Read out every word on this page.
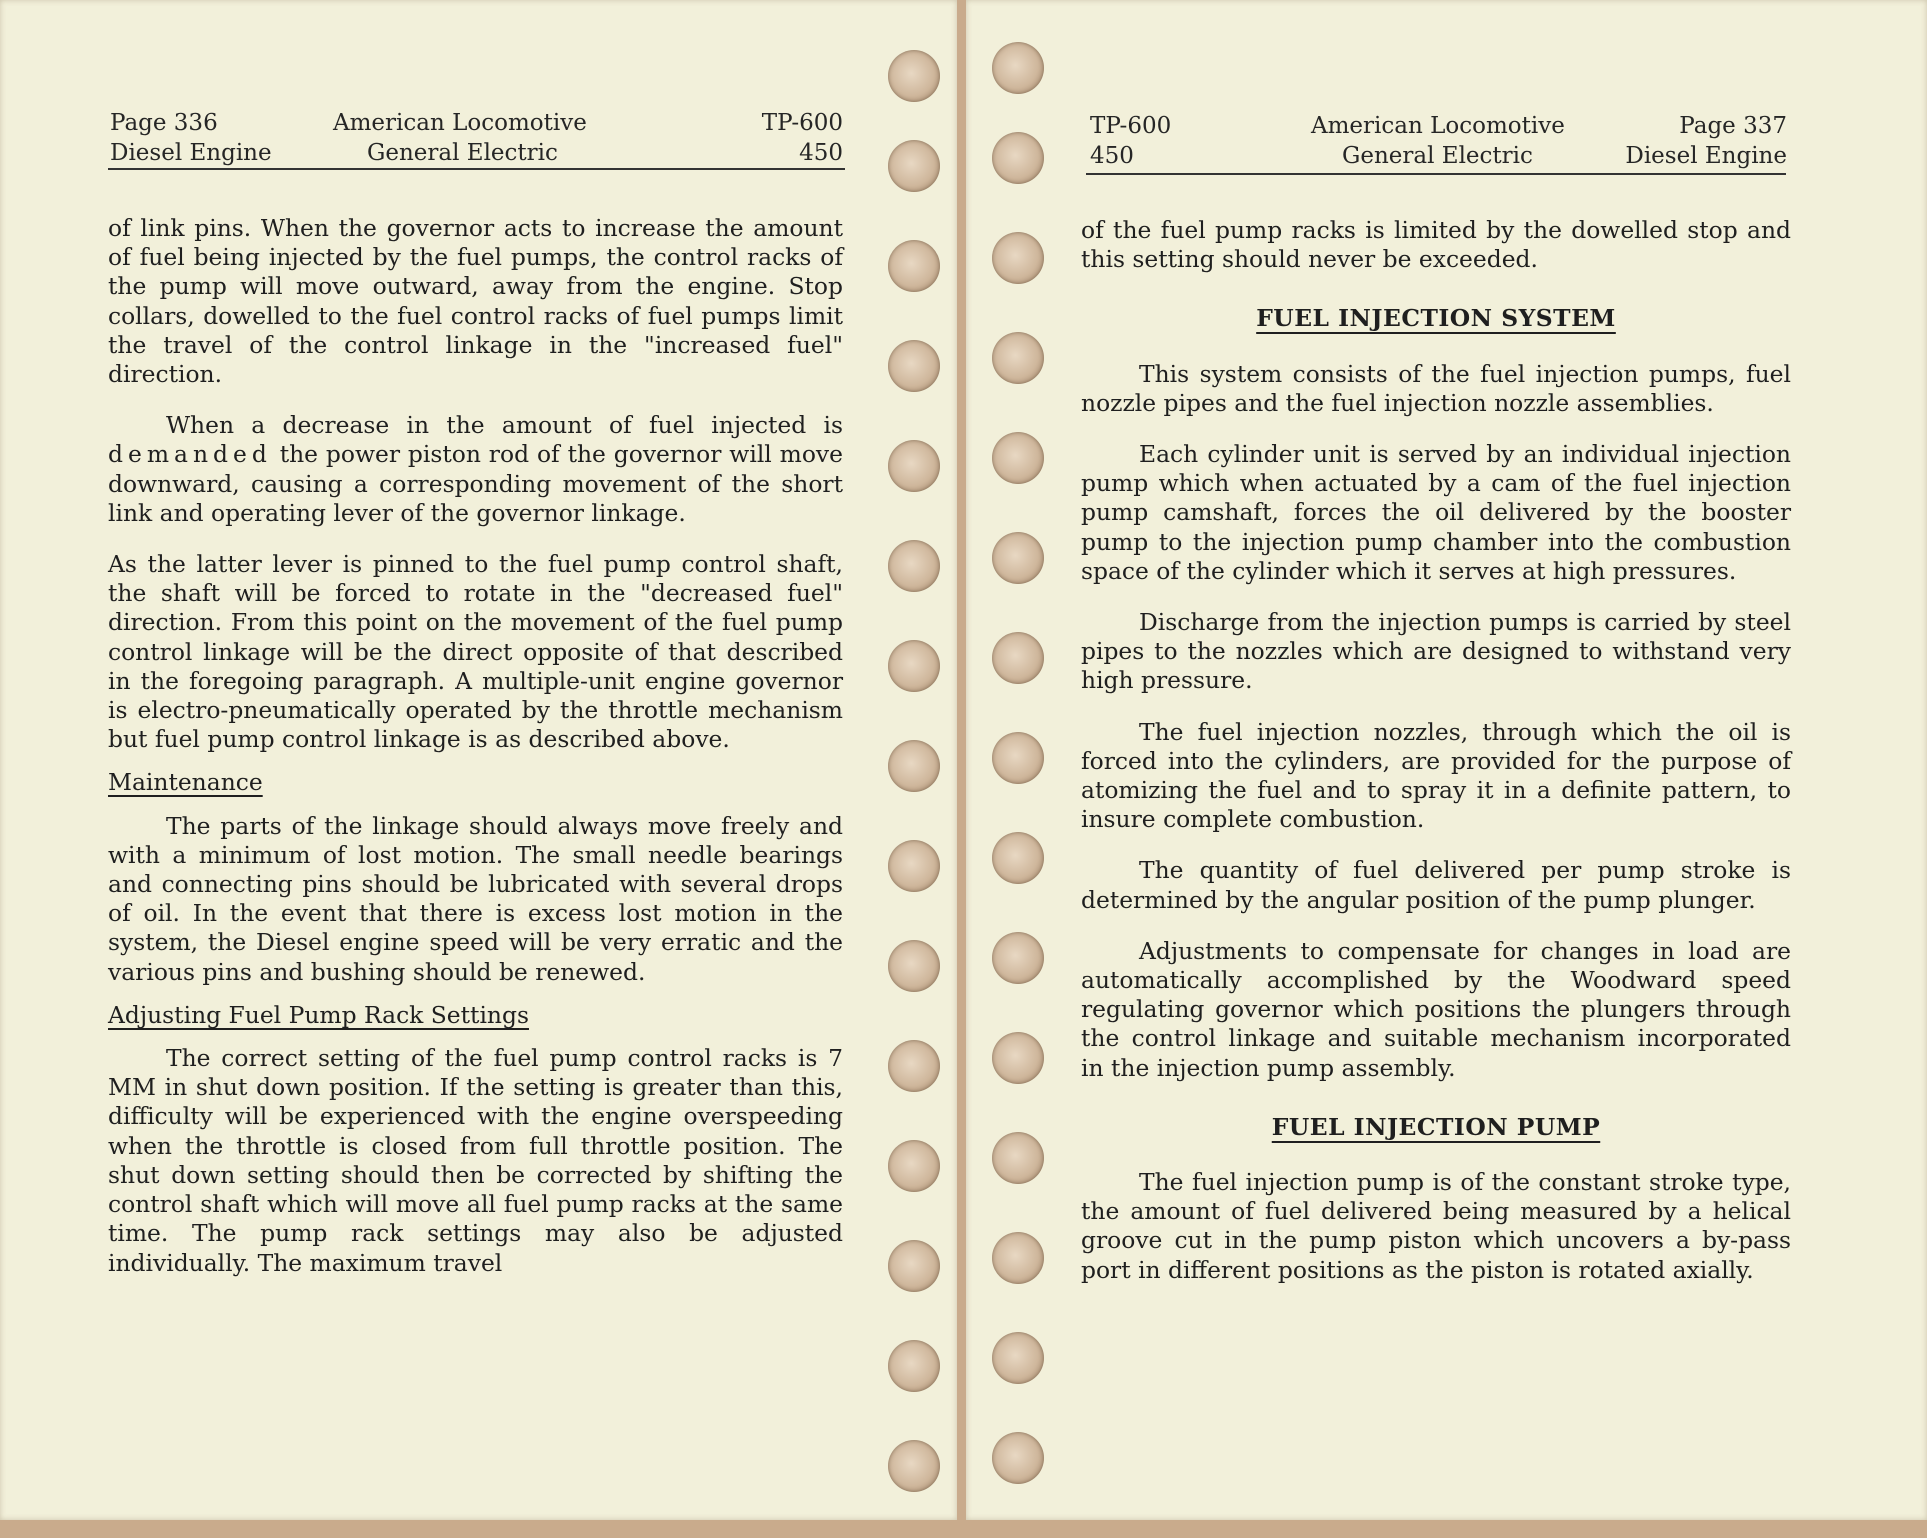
Page 336
Diesel Engine
American Locomotive
General Electric
TP-600
450

of link pins. When the governor acts to increase the amount of fuel being injected by the fuel pumps, the control racks of the pump will move outward, away from the engine. Stop collars, dowelled to the fuel control racks of fuel pumps limit the travel of the control linkage in the "increased fuel" direction.

When a decrease in the amount of fuel injected is demanded the power piston rod of the governor will move downward, causing a corresponding movement of the short link and operating lever of the governor linkage.

As the latter lever is pinned to the fuel pump control shaft, the shaft will be forced to rotate in the "decreased fuel" direction. From this point on the movement of the fuel pump control linkage will be the direct opposite of that described in the foregoing paragraph. A multiple-unit engine governor is electro-pneumatically operated by the throttle mechanism but fuel pump control linkage is as described above.

Maintenance

The parts of the linkage should always move freely and with a minimum of lost motion. The small needle bearings and connecting pins should be lubricated with several drops of oil. In the event that there is excess lost motion in the system, the Diesel engine speed will be very erratic and the various pins and bushing should be renewed.

Adjusting Fuel Pump Rack Settings

The correct setting of the fuel pump control racks is 7 MM in shut down position. If the setting is greater than this, difficulty will be experienced with the engine overspeeding when the throttle is closed from full throttle position. The shut down setting should then be corrected by shifting the control shaft which will move all fuel pump racks at the same time. The pump rack settings may also be adjusted individually. The maximum travel

TP-600
450
American Locomotive
General Electric
Page 337
Diesel Engine

of the fuel pump racks is limited by the dowelled stop and this setting should never be exceeded.

FUEL INJECTION SYSTEM

This system consists of the fuel injection pumps, fuel nozzle pipes and the fuel injection nozzle assemblies.

Each cylinder unit is served by an individual injection pump which when actuated by a cam of the fuel injection pump camshaft, forces the oil delivered by the booster pump to the injection pump chamber into the combustion space of the cylinder which it serves at high pressures.

Discharge from the injection pumps is carried by steel pipes to the nozzles which are designed to withstand very high pressure.

The fuel injection nozzles, through which the oil is forced into the cylinders, are provided for the purpose of atomizing the fuel and to spray it in a definite pattern, to insure complete combustion.

The quantity of fuel delivered per pump stroke is determined by the angular position of the pump plunger.

Adjustments to compensate for changes in load are automatically accomplished by the Woodward speed regulating governor which positions the plungers through the control linkage and suitable mechanism incorporated in the injection pump assembly.

FUEL INJECTION PUMP

The fuel injection pump is of the constant stroke type, the amount of fuel delivered being measured by a helical groove cut in the pump piston which uncovers a by-pass port in different positions as the piston is rotated axially.
